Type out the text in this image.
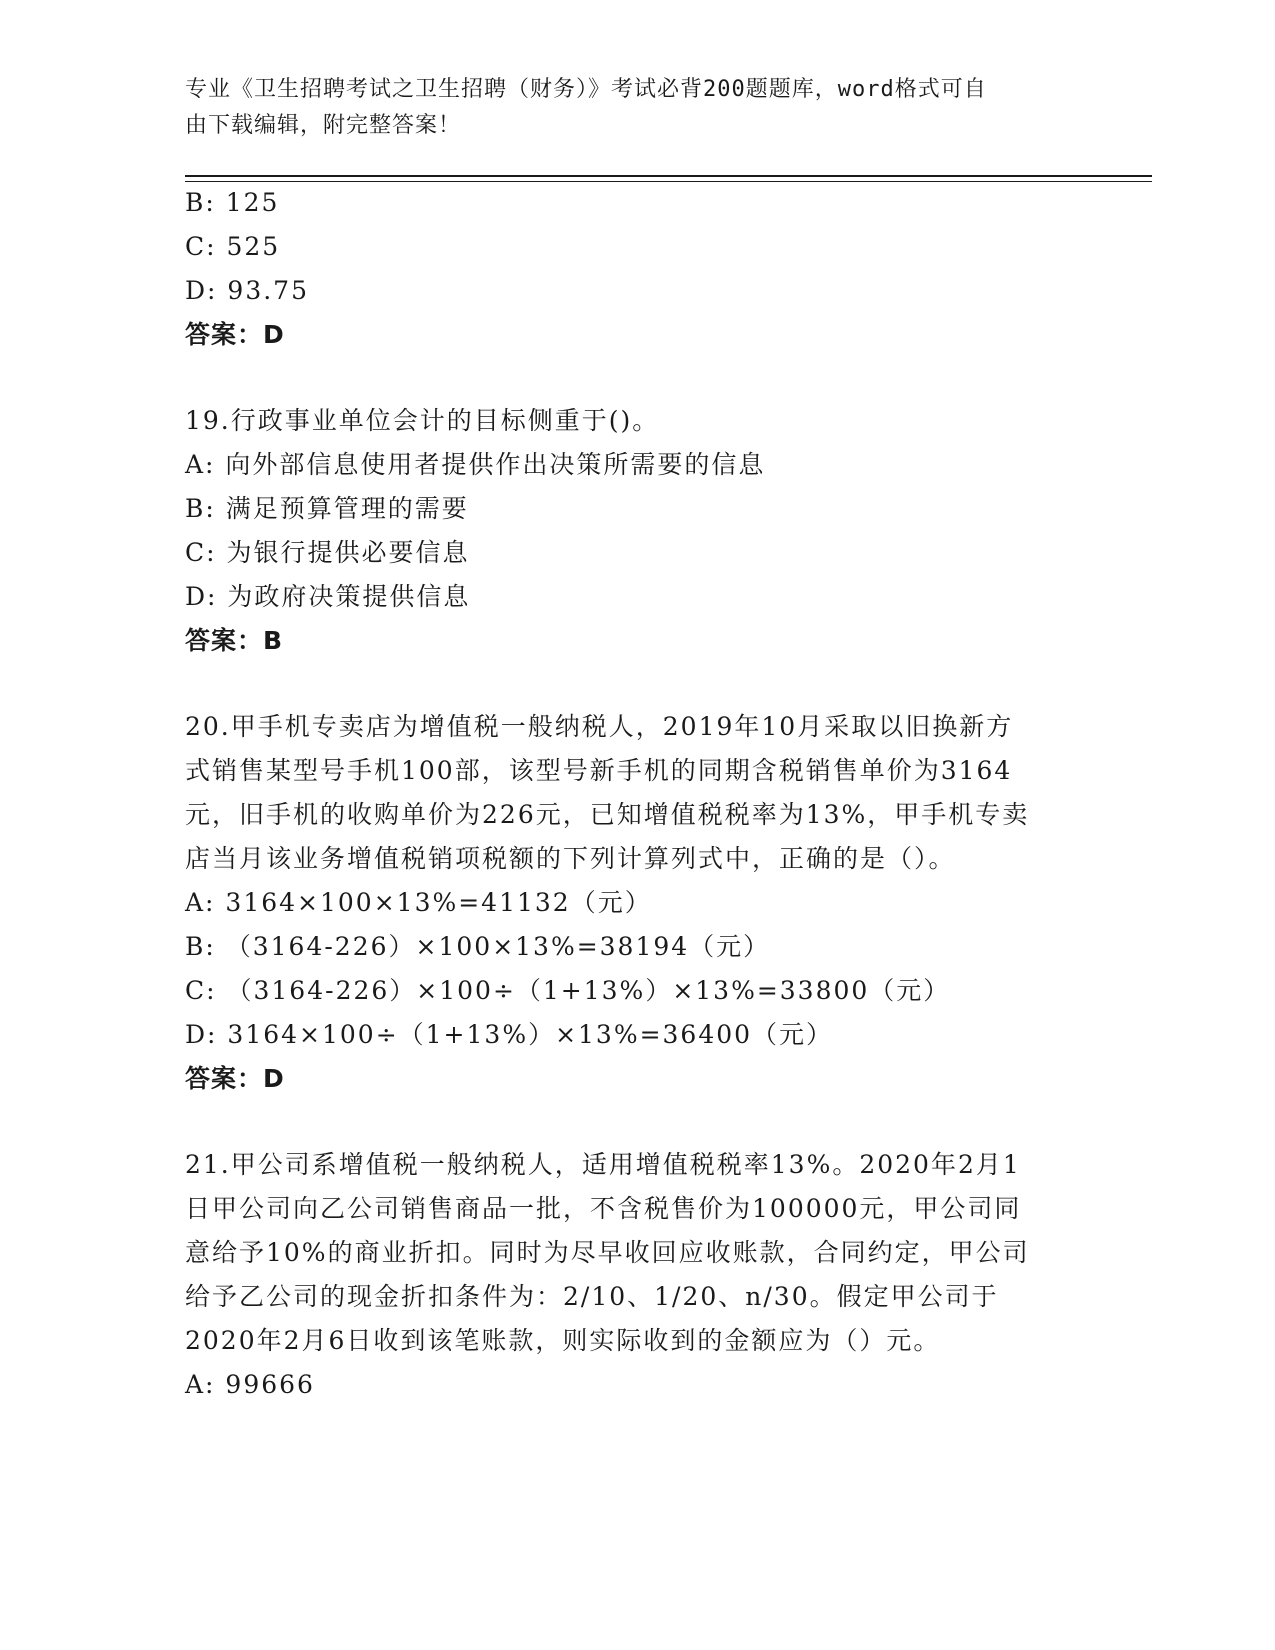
专业《卫生招聘考试之卫生招聘（财务）》考试必背200题题库，word格式可自
由下载编辑，附完整答案！
B: 125
C: 525
D: 93.75
答案：D
19.行政事业单位会计的目标侧重于()。
A: 向外部信息使用者提供作出决策所需要的信息
B: 满足预算管理的需要
C: 为银行提供必要信息
D: 为政府决策提供信息
答案：B
20.甲手机专卖店为增值税一般纳税人，2019年10月采取以旧换新方
式销售某型号手机100部，该型号新手机的同期含税销售单价为3164
元，旧手机的收购单价为226元，已知增值税税率为13%，甲手机专卖
店当月该业务增值税销项税额的下列计算列式中，正确的是（）。
A: 3164×100×13%=41132（元）
B: （3164-226）×100×13%=38194（元）
C: （3164-226）×100÷（1+13%）×13%=33800（元）
D: 3164×100÷（1+13%）×13%=36400（元）
答案：D
21.甲公司系增值税一般纳税人，适用增值税税率13%。2020年2月1
日甲公司向乙公司销售商品一批，不含税售价为100000元，甲公司同
意给予10%的商业折扣。同时为尽早收回应收账款，合同约定，甲公司
给予乙公司的现金折扣条件为：2/10、1/20、n/30。假定甲公司于
2020年2月6日收到该笔账款，则实际收到的金额应为（）元。
A: 99666
